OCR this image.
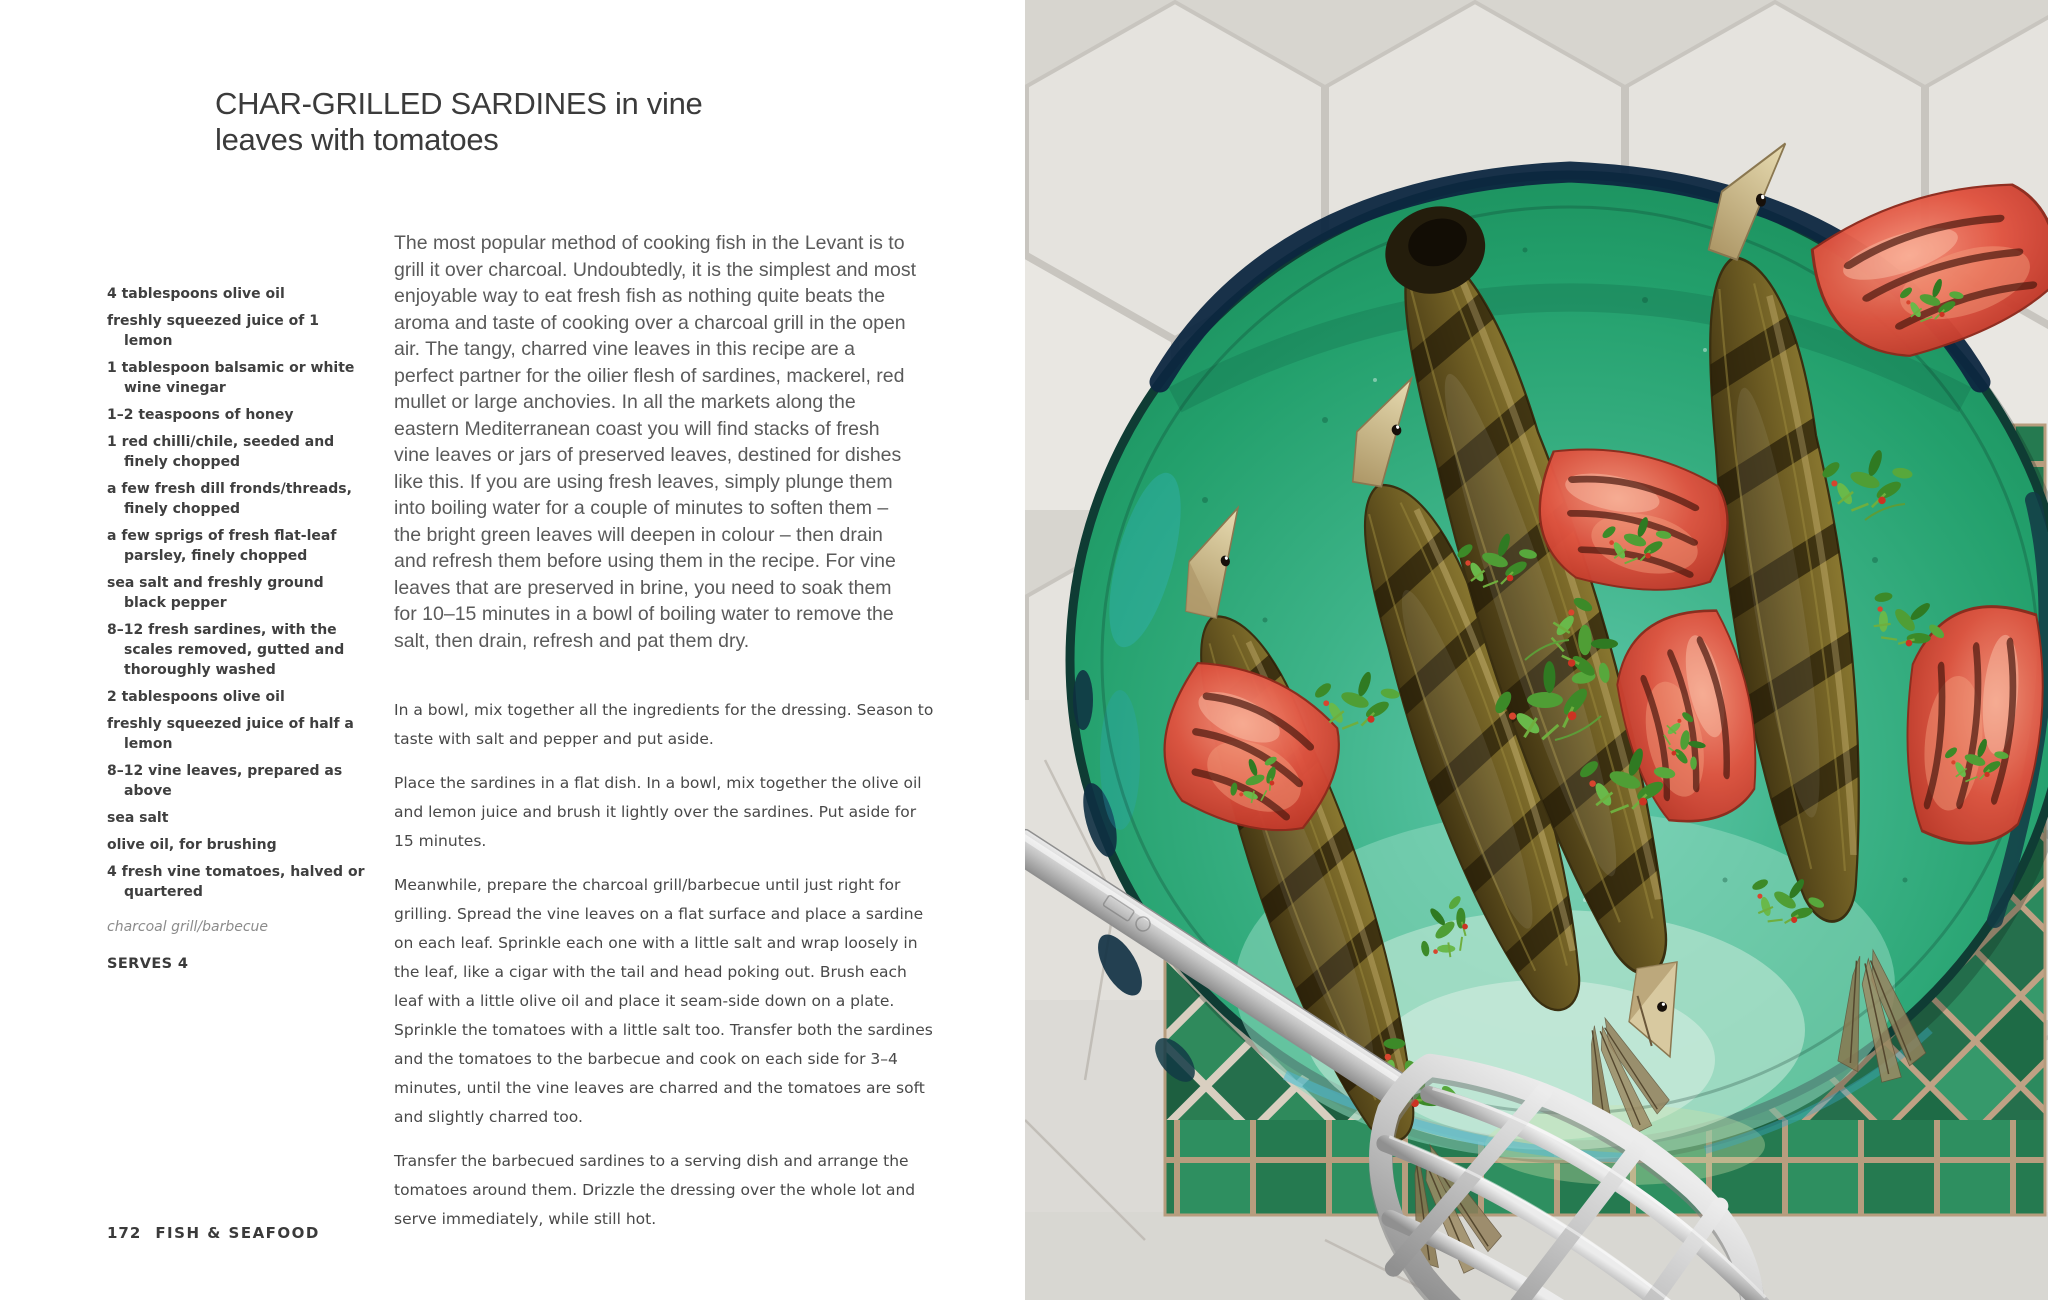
CHAR-GRILLED SARDINES in vine
leaves with tomatoes
4 tablespoons olive oil
freshly squeezed juice of 1 lemon
1 tablespoon balsamic or white wine vinegar
1–2 teaspoons of honey
1 red chilli/chile, seeded and finely chopped
a few fresh dill fronds/threads, finely chopped
a few sprigs of fresh flat-leaf parsley, finely chopped
sea salt and freshly ground black pepper
8–12 fresh sardines, with the scales removed, gutted and thoroughly washed
2 tablespoons olive oil
freshly squeezed juice of half a lemon
8–12 vine leaves, prepared as above
sea salt
olive oil, for brushing
4 fresh vine tomatoes, halved or quartered

charcoal grill/barbecue

SERVES 4

The most popular method of cooking fish in the Levant is to grill it over charcoal. Undoubtedly, it is the simplest and most enjoyable way to eat fresh fish as nothing quite beats the aroma and taste of cooking over a charcoal grill in the open air. The tangy, charred vine leaves in this recipe are a perfect partner for the oilier flesh of sardines, mackerel, red mullet or large anchovies. In all the markets along the eastern Mediterranean coast you will find stacks of fresh vine leaves or jars of preserved leaves, destined for dishes like this. If you are using fresh leaves, simply plunge them into boiling water for a couple of minutes to soften them – the bright green leaves will deepen in colour – then drain and refresh them before using them in the recipe. For vine leaves that are preserved in brine, you need to soak them for 10–15 minutes in a bowl of boiling water to remove the salt, then drain, refresh and pat them dry.

In a bowl, mix together all the ingredients for the dressing. Season to taste with salt and pepper and put aside.

Place the sardines in a flat dish. In a bowl, mix together the olive oil and lemon juice and brush it lightly over the sardines. Put aside for 15 minutes.

Meanwhile, prepare the charcoal grill/barbecue until just right for grilling. Spread the vine leaves on a flat surface and place a sardine on each leaf. Sprinkle each one with a little salt and wrap loosely in the leaf, like a cigar with the tail and head poking out. Brush each leaf with a little olive oil and place it seam-side down on a plate. Sprinkle the tomatoes with a little salt too. Transfer both the sardines and the tomatoes to the barbecue and cook on each side for 3–4 minutes, until the vine leaves are charred and the tomatoes are soft and slightly charred too.

Transfer the barbecued sardines to a serving dish and arrange the tomatoes around them. Drizzle the dressing over the whole lot and serve immediately, while still hot.

172 FISH & SEAFOOD
